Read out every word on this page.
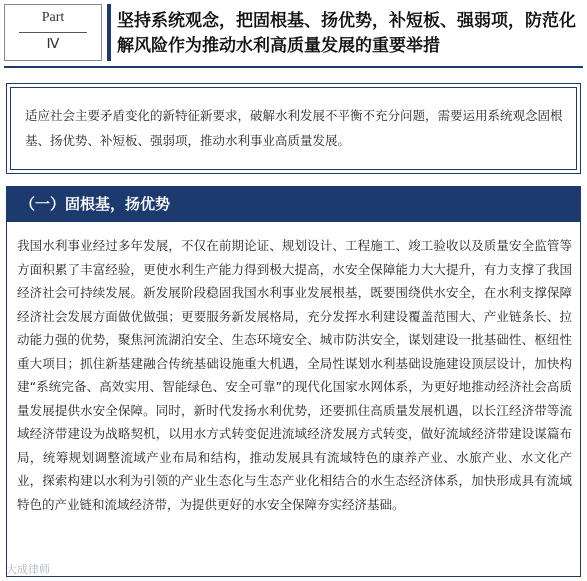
Part
Ⅳ
坚持系统观念，把固根基、扬优势，补短板、强弱项，防范化解风险作为推动水利高质量发展的重要举措

适应社会主要矛盾变化的新特征新要求，破解水利发展不平衡不充分问题，需要运用系统观念固根基、扬优势、补短板、强弱项，推动水利事业高质量发展。

（一）固根基，扬优势

我国水利事业经过多年发展，不仅在前期论证、规划设计、工程施工、竣工验收以及质量安全监管等方面积累了丰富经验，更使水利生产能力得到极大提高，水安全保障能力大大提升，有力支撑了我国经济社会可持续发展。新发展阶段稳固我国水利事业发展根基，既要围绕供水安全，在水利支撑保障经济社会发展方面做优做强；更要服务新发展格局，充分发挥水利建设覆盖范围大、产业链条长、拉动能力强的优势，聚焦河流湖泊安全、生态环境安全、城市防洪安全，谋划建设一批基础性、枢纽性重大项目；抓住新基建融合传统基础设施重大机遇，全局性谋划水利基础设施建设顶层设计，加快构建“系统完备、高效实用、智能绿色、安全可靠”的现代化国家水网体系，为更好地推动经济社会高质量发展提供水安全保障。同时，新时代发扬水利优势，还要抓住高质量发展机遇，以长江经济带等流域经济带建设为战略契机，以用水方式转变促进流域经济发展方式转变，做好流域经济带建设谋篇布局，统筹规划调整流域产业布局和结构，推动发展具有流域特色的康养产业、水旅产业、水文化产业，探索构建以水利为引领的产业生态化与生态产业化相结合的水生态经济体系，加快形成具有流域特色的产业链和流域经济带，为提供更好的水安全保障夯实经济基础。

大成律师
